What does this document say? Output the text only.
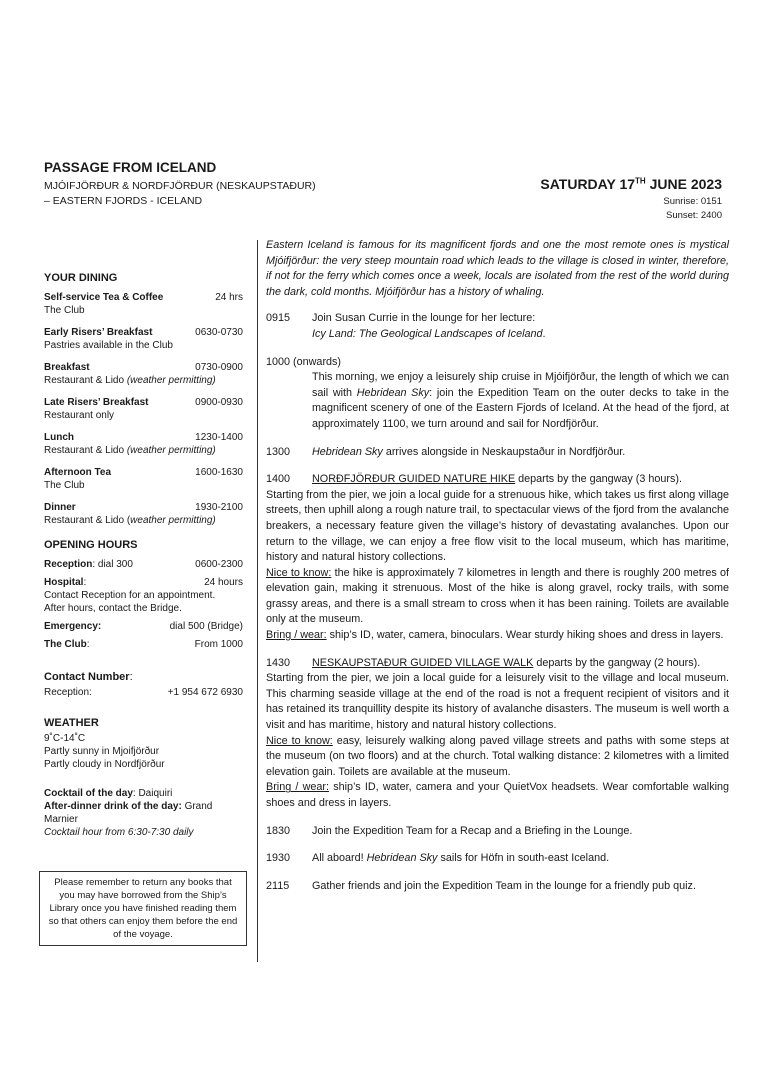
PASSAGE FROM ICELAND
MJÓIFJÖRÐUR & NORDFJÖRÐUR (NESKAUPSTAÐUR)
– EASTERN FJORDS - ICELAND
SATURDAY 17TH JUNE 2023
Sunrise: 0151
Sunset: 2400
YOUR DINING
Self-service Tea & Coffee	24 hrs
The Club
Early Risers’ Breakfast	0630-0730
Pastries available in the Club
Breakfast	0730-0900
Restaurant & Lido (weather permitting)
Late Risers’ Breakfast	0900-0930
Restaurant only
Lunch	1230-1400
Restaurant & Lido (weather permitting)
Afternoon Tea	1600-1630
The Club
Dinner	1930-2100
Restaurant & Lido (weather permitting)
OPENING HOURS
Reception: dial 300	0600-2300
Hospital:	24 hours
Contact Reception for an appointment.
After hours, contact the Bridge.
Emergency:	dial 500 (Bridge)
The Club:	From 1000
Contact Number:
Reception:	+1 954 672 6930
WEATHER
9˚C-14˚C
Partly sunny in Mjoifjörður
Partly cloudy in Nordfjörður
Cocktail of the day: Daiquiri
After-dinner drink of the day: Grand Marnier
Cocktail hour from 6:30-7:30 daily
Please remember to return any books that you may have borrowed from the Ship’s Library once you have finished reading them so that others can enjoy them before the end of the voyage.

Eastern Iceland is famous for its magnificent fjords and one the most remote ones is mystical Mjóifjörður: the very steep mountain road which leads to the village is closed in winter, therefore, if not for the ferry which comes once a week, locals are isolated from the rest of the world during the dark, cold months. Mjóifjörður has a history of whaling.

0915	Join Susan Currie in the lounge for her lecture:
Icy Land: The Geological Landscapes of Iceland.
1000 (onwards)
This morning, we enjoy a leisurely ship cruise in Mjóifjörður, the length of which we can sail with Hebridean Sky: join the Expedition Team on the outer decks to take in the magnificent scenery of one of the Eastern Fjords of Iceland. At the head of the fjord, at approximately 1100, we turn around and sail for Nordfjörður.
1300	Hebridean Sky arrives alongside in Neskaupstaður in Nordfjörður.
1400	NORÐFJÖRÐUR GUIDED NATURE HIKE departs by the gangway (3 hours).

Starting from the pier, we join a local guide for a strenuous hike, which takes us first along village streets, then uphill along a rough nature trail, to spectacular views of the fjord from the avalanche breakers, a necessary feature given the village’s history of devastating avalanches. Upon our return to the village, we can enjoy a free flow visit to the local museum, which has maritime, history and natural history collections.

Nice to know: the hike is approximately 7 kilometres in length and there is roughly 200 metres of elevation gain, making it strenuous. Most of the hike is along gravel, rocky trails, with some grassy areas, and there is a small stream to cross when it has been raining. Toilets are available only at the museum.

Bring / wear: ship’s ID, water, camera, binoculars. Wear sturdy hiking shoes and dress in layers.

1430	NESKAUPSTAÐUR GUIDED VILLAGE WALK departs by the gangway (2 hours).

Starting from the pier, we join a local guide for a leisurely visit to the village and local museum. This charming seaside village at the end of the road is not a frequent recipient of visitors and it has retained its tranquillity despite its history of avalanche disasters. The museum is well worth a visit and has maritime, history and natural history collections.

Nice to know: easy, leisurely walking along paved village streets and paths with some steps at the museum (on two floors) and at the church. Total walking distance: 2 kilometres with a limited elevation gain. Toilets are available at the museum.

Bring / wear: ship’s ID, water, camera and your QuietVox headsets. Wear comfortable walking shoes and dress in layers.

1830	Join the Expedition Team for a Recap and a Briefing in the Lounge.
1930	All aboard! Hebridean Sky sails for Höfn in south-east Iceland.
2115	Gather friends and join the Expedition Team in the lounge for a friendly pub quiz.
